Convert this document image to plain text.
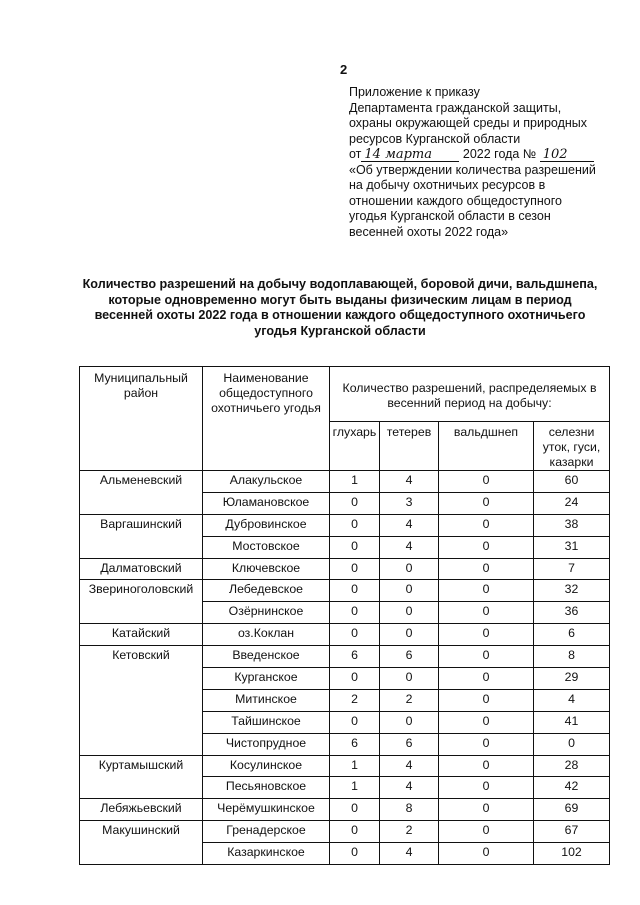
2
Приложение к приказу
Департамента гражданской защиты,
охраны окружающей среды и природных
ресурсов Курганской области
от 14 марта 2022 года № 102
«Об утверждении количества разрешений
на добычу охотничьих ресурсов в
отношении каждого общедоступного
угодья Курганской области в сезон
весенней охоты 2022 года»
Количество разрешений на добычу водоплавающей, боровой дичи, вальдшнепа,
которые одновременно могут быть выданы физическим лицам в период
весенней охоты 2022 года в отношении каждого общедоступного охотничьего
угодья Курганской области
Муниципальный район	Наименование общедоступного охотничьего угодья	Количество разрешений, распределяемых в весенний период на добычу:			
		глухарь	тетерев	вальдшнеп	селезни уток, гуси, казарки
Альменевский	Алакульское	1	4	0	60
	Юламановское	0	3	0	24
Варгашинский	Дубровинское	0	4	0	38
	Мостовское	0	4	0	31
Далматовский	Ключевское	0	0	0	7
Звериноголовский	Лебедевское	0	0	0	32
	Озёрнинское	0	0	0	36
Катайский	оз.Коклан	0	0	0	6
Кетовский	Введенское	6	6	0	8
	Курганское	0	0	0	29
	Митинское	2	2	0	4
	Тайшинское	0	0	0	41
	Чистопрудное	6	6	0	0
Куртамышский	Косулинское	1	4	0	28
	Песьяновское	1	4	0	42
Лебяжьевский	Черёмушкинское	0	8	0	69
Макушинский	Гренадерское	0	2	0	67
	Казаркинское	0	4	0	102
